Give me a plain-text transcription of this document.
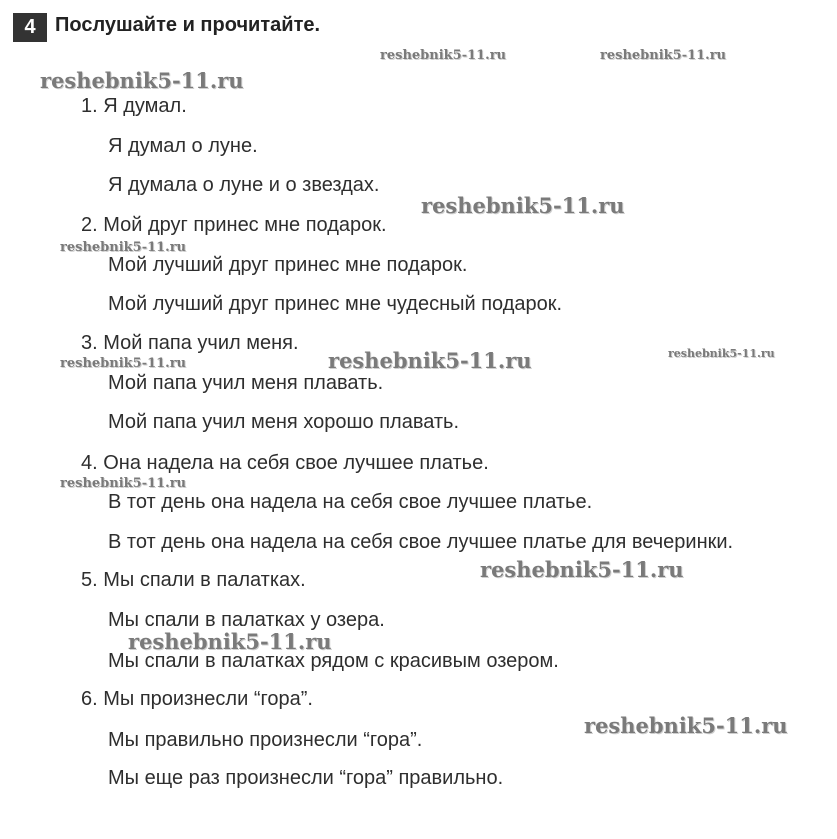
4 Послушайте и прочитайте.
1. Я думал.
Я думал о луне.
Я думала о луне и о звездах.
2. Мой друг принес мне подарок.
Мой лучший друг принес мне подарок.
Мой лучший друг принес мне чудесный подарок.
3. Мой папа учил меня.
Мой папа учил меня плавать.
Мой папа учил меня хорошо плавать.
4. Она надела на себя свое лучшее платье.
В тот день она надела на себя свое лучшее платье.
В тот день она надела на себя свое лучшее платье для вечеринки.
5. Мы спали в палатках.
Мы спали в палатках у озера.
Мы спали в палатках рядом с красивым озером.
6. Мы произнесли “гора”.
Мы правильно произнесли “гора”.
Мы еще раз произнесли “гора” правильно.
reshebnik5-11.ru	reshebnik5-11.ru
reshebnik5-11.ru
reshebnik5-11.ru
reshebnik5-11.ru
reshebnik5-11.ru
reshebnik5-11.ru
reshebnik5-11.ru
reshebnik5-11.ru
reshebnik5-11.ru
reshebnik5-11.ru
reshebnik5-11.ru
